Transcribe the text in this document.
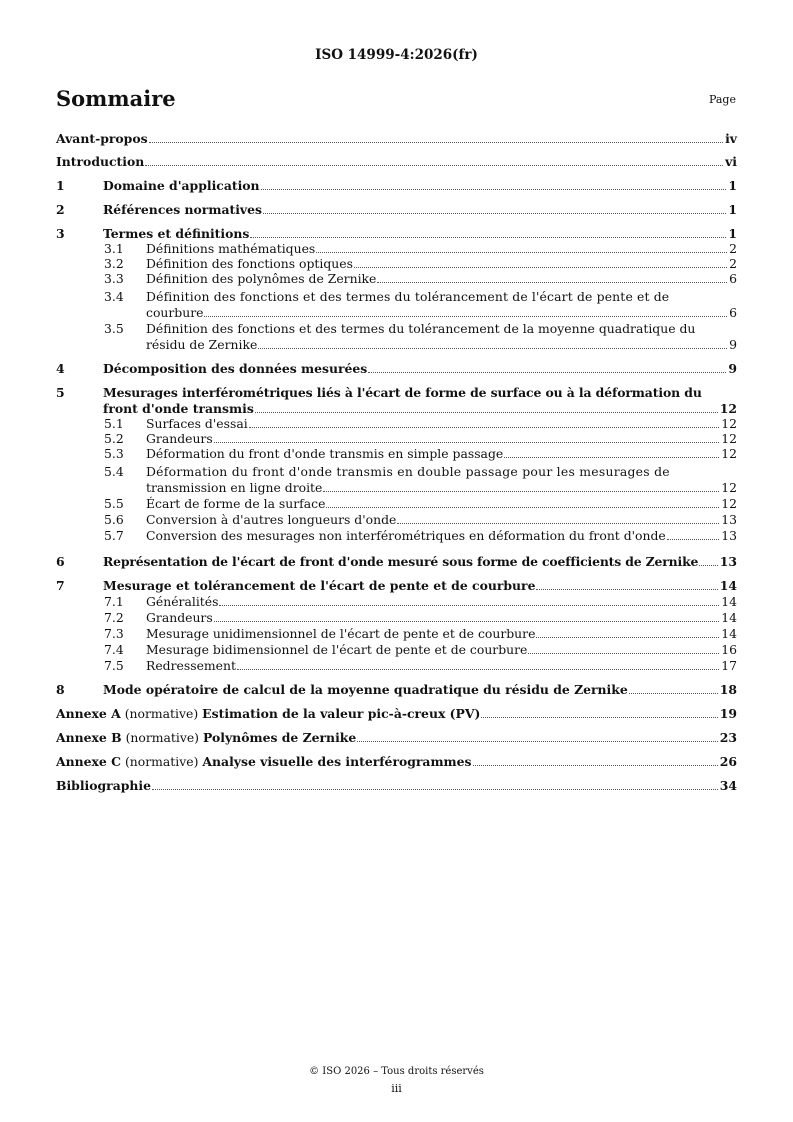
ISO 14999-4:2026(fr)
Sommaire	Page
Avant-propos	iv
Introduction	vi
1	Domaine d'application	1
2	Références normatives	1
3	Termes et définitions	1
3.1	Définitions mathématiques	2
3.2	Définition des fonctions optiques	2
3.3	Définition des polynômes de Zernike	6
3.4	Définition des fonctions et des termes du tolérancement de l'écart de pente et de
courbure	6
3.5	Définition des fonctions et des termes du tolérancement de la moyenne quadratique du
résidu de Zernike	9
4	Décomposition des données mesurées	9
5	Mesurages interférométriques liés à l'écart de forme de surface ou à la déformation du
front d'onde transmis	12
5.1	Surfaces d'essai	12
5.2	Grandeurs	12
5.3	Déformation du front d'onde transmis en simple passage	12
5.4	Déformation du front d'onde transmis en double passage pour les mesurages de
transmission en ligne droite	12
5.5	Écart de forme de la surface	12
5.6	Conversion à d'autres longueurs d'onde	13
5.7	Conversion des mesurages non interférométriques en déformation du front d'onde	13
6	Représentation de l'écart de front d'onde mesuré sous forme de coefficients de Zernike 13
7	Mesurage et tolérancement de l'écart de pente et de courbure	14
7.1	Généralités	14
7.2	Grandeurs	14
7.3	Mesurage unidimensionnel de l'écart de pente et de courbure	14
7.4	Mesurage bidimensionnel de l'écart de pente et de courbure	16
7.5	Redressement	17
8	Mode opératoire de calcul de la moyenne quadratique du résidu de Zernike	18
Annexe A (normative) Estimation de la valeur pic-à-creux (PV)	19
Annexe B (normative) Polynômes de Zernike	23
Annexe C (normative) Analyse visuelle des interférogrammes	26
Bibliographie	34
© ISO 2026 – Tous droits réservés
iii
